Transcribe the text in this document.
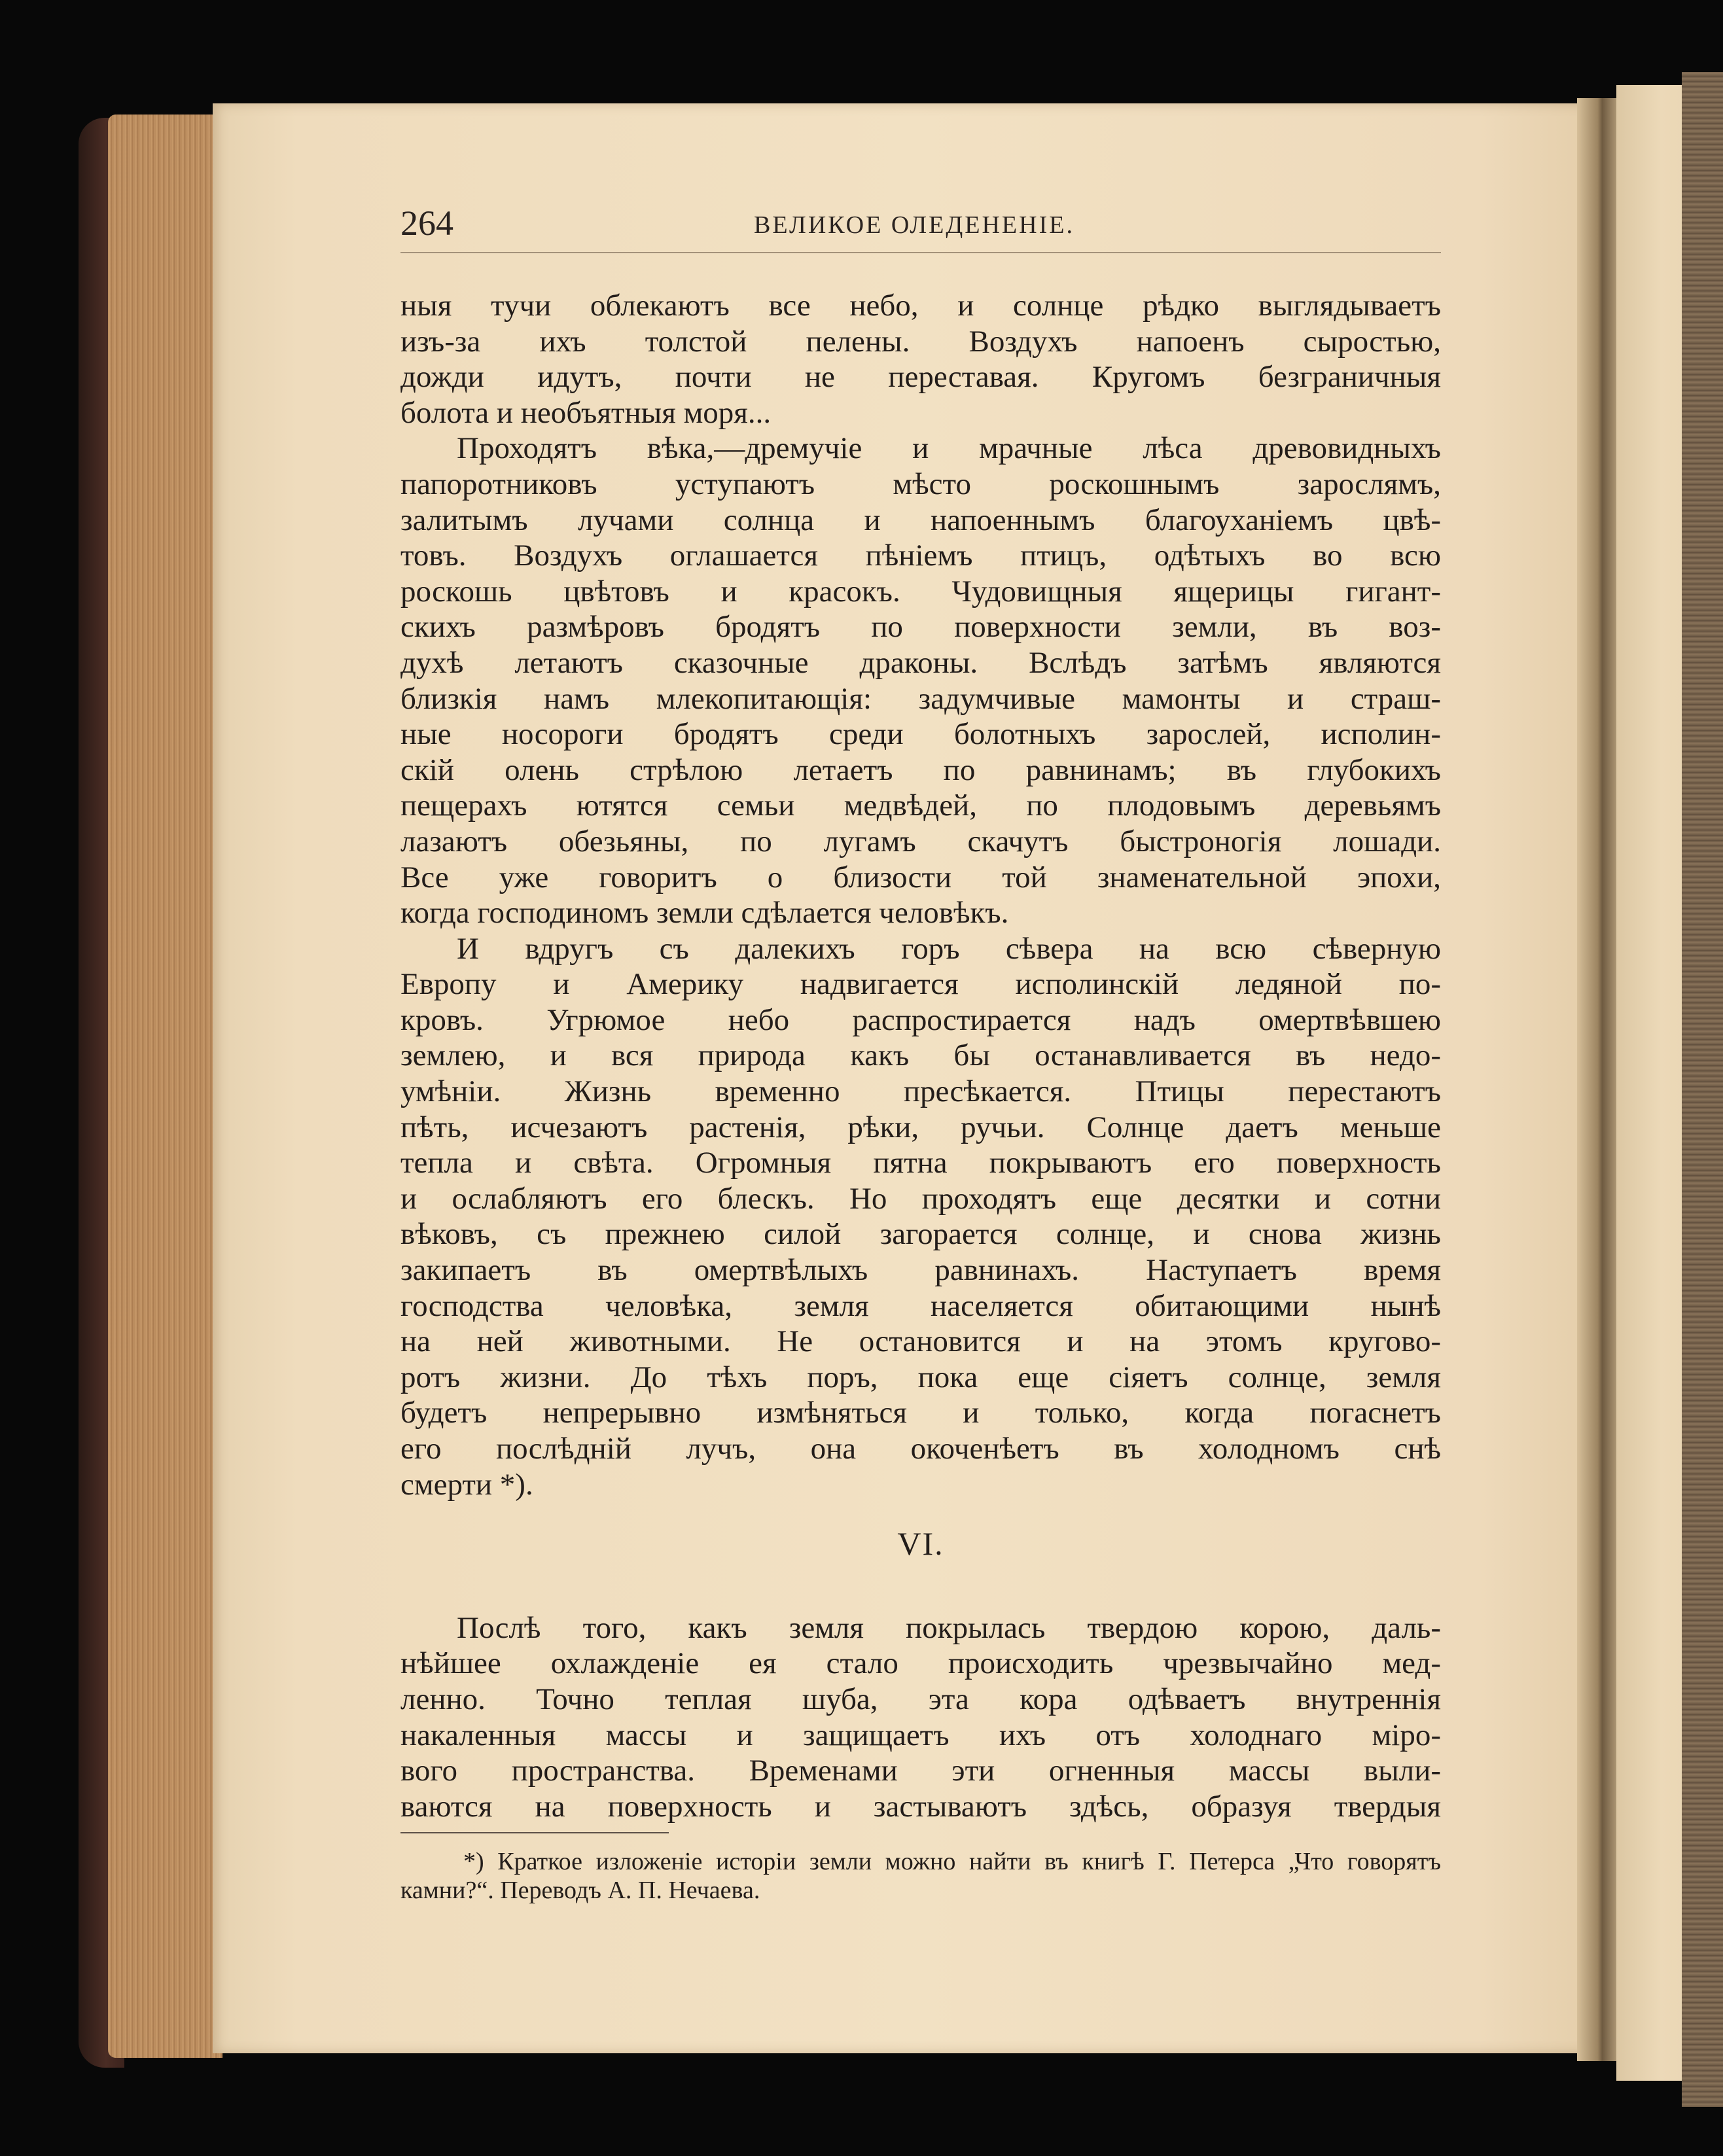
264	ВЕЛИКОЕ ОЛЕДЕНЕНІЕ.

ныя тучи облекаютъ все небо, и солнце рѣдко выглядываетъ

изъ-за ихъ толстой пелены. Воздухъ напоенъ сыростью,

дожди идутъ, почти не переставая. Кругомъ безграничныя

болота и необъятныя моря...

Проходятъ вѣка,—дремучіе и мрачные лѣса древовидныхъ

папоротниковъ уступаютъ мѣсто роскошнымъ зарослямъ,

залитымъ лучами солнца и напоеннымъ благоуханіемъ цвѣ-

товъ. Воздухъ оглашается пѣніемъ птицъ, одѣтыхъ во всю

роскошь цвѣтовъ и красокъ. Чудовищныя ящерицы гигант-

скихъ размѣровъ бродятъ по поверхности земли, въ воз-

духѣ летаютъ сказочные драконы. Вслѣдъ затѣмъ являются

близкія намъ млекопитающія: задумчивые мамонты и страш-

ные носороги бродятъ среди болотныхъ зарослей, исполин-

скій олень стрѣлою летаетъ по равнинамъ; въ глубокихъ

пещерахъ ютятся семьи медвѣдей, по плодовымъ деревьямъ

лазаютъ обезьяны, по лугамъ скачутъ быстроногія лошади.

Все уже говоритъ о близости той знаменательной эпохи,

когда господиномъ земли сдѣлается человѣкъ.

И вдругъ съ далекихъ горъ сѣвера на всю сѣверную

Европу и Америку надвигается исполинскій ледяной по-

кровъ. Угрюмое небо распростирается надъ омертвѣвшею

землею, и вся природа какъ бы останавливается въ недо-

умѣніи. Жизнь временно пресѣкается. Птицы перестаютъ

пѣть, исчезаютъ растенія, рѣки, ручьи. Солнце даетъ меньше

тепла и свѣта. Огромныя пятна покрываютъ его поверхность

и ослабляютъ его блескъ. Но проходятъ еще десятки и сотни

вѣковъ, съ прежнею силой загорается солнце, и снова жизнь

закипаетъ въ омертвѣлыхъ равнинахъ. Наступаетъ время

господства человѣка, земля населяется обитающими нынѣ

на ней животными. Не остановится и на этомъ кругово-

ротъ жизни. До тѣхъ поръ, пока еще сіяетъ солнце, земля

будетъ непрерывно измѣняться и только, когда погаснетъ

его послѣдній лучъ, она окоченѣетъ въ холодномъ снѣ

смерти *).

VI.

Послѣ того, какъ земля покрылась твердою корою, даль-

нѣйшее охлажденіе ея стало происходить чрезвычайно мед-

ленно. Точно теплая шуба, эта кора одѣваетъ внутреннія

накаленныя массы и защищаетъ ихъ отъ холоднаго міро-

вого пространства. Временами эти огненныя массы выли-

ваются на поверхность и застываютъ здѣсь, образуя твердыя

*) Краткое изложеніе исторіи земли можно найти въ книгѣ Г. Петерса „Что говорятъ камни?“. Переводъ А. П. Нечаева.
